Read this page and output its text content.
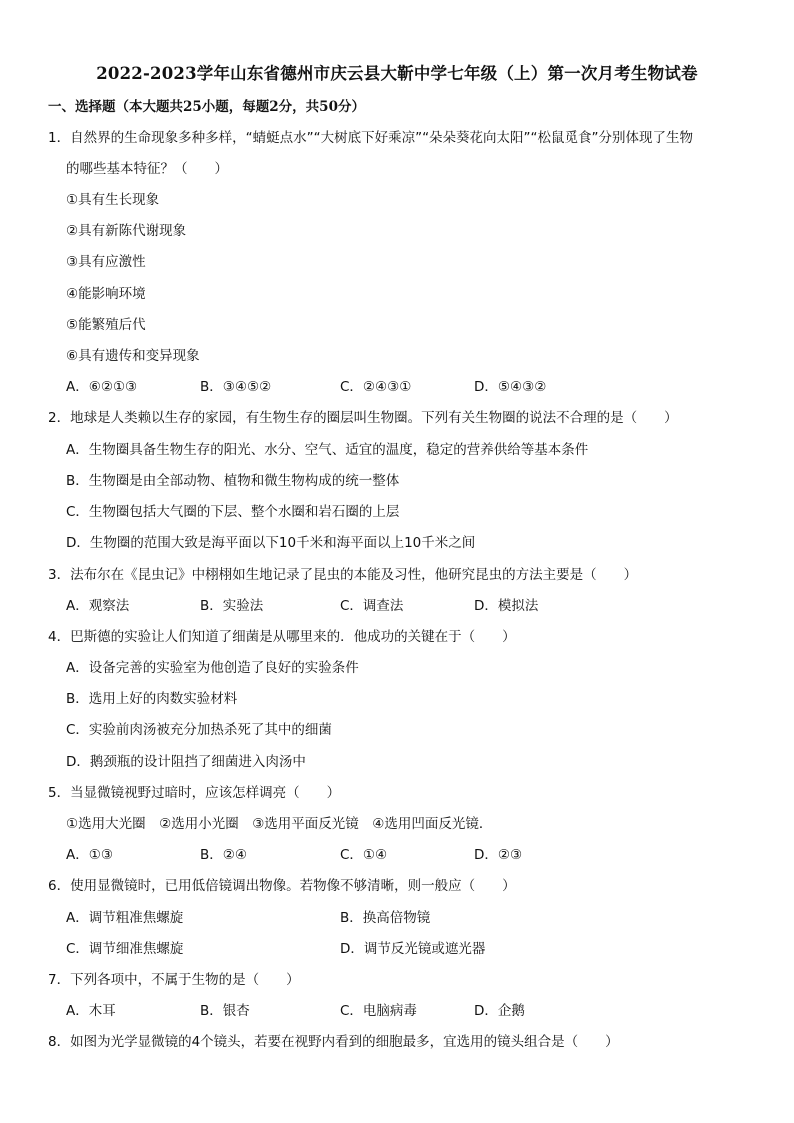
2022-2023学年山东省德州市庆云县大靳中学七年级（上）第一次月考生物试卷
一、选择题（本大题共25小题，每题2分，共50分）
1．自然界的生命现象多种多样，“蜻蜓点水”“大树底下好乘凉”“朵朵葵花向太阳”“松鼠觅食”分别体现了生物
的哪些基本特征？（　　）
①具有生长现象
②具有新陈代谢现象
③具有应激性
④能影响环境
⑤能繁殖后代
⑥具有遗传和变异现象
A．⑥②①③	B．③④⑤②	C．②④③①	D．⑤④③②
2．地球是人类赖以生存的家园，有生物生存的圈层叫生物圈。下列有关生物圈的说法不合理的是（　　）
A．生物圈具备生物生存的阳光、水分、空气、适宜的温度，稳定的营养供给等基本条件
B．生物圈是由全部动物、植物和微生物构成的统一整体
C．生物圈包括大气圈的下层、整个水圈和岩石圈的上层
D．生物圈的范围大致是海平面以下10千米和海平面以上10千米之间
3．法布尔在《昆虫记》中栩栩如生地记录了昆虫的本能及习性，他研究昆虫的方法主要是（　　）
A．观察法	B．实验法	C．调查法	D．模拟法
4．巴斯德的实验让人们知道了细菌是从哪里来的．他成功的关键在于（　　）
A．设备完善的实验室为他创造了良好的实验条件
B．选用上好的肉数实验材料
C．实验前肉汤被充分加热杀死了其中的细菌
D．鹅颈瓶的设计阻挡了细菌进入肉汤中
5．当显微镜视野过暗时，应该怎样调亮（　　）
①选用大光圈　②选用小光圈　③选用平面反光镜　④选用凹面反光镜．
A．①③	B．②④	C．①④	D．②③
6．使用显微镜时，已用低倍镜调出物像。若物像不够清晰，则一般应（　　）
A．调节粗准焦螺旋	B．换高倍物镜
C．调节细准焦螺旋	D．调节反光镜或遮光器
7．下列各项中，不属于生物的是（　　）
A．木耳	B．银杏	C．电脑病毒	D．企鹅
8．如图为光学显微镜的4个镜头，若要在视野内看到的细胞最多，宜选用的镜头组合是（　　）
